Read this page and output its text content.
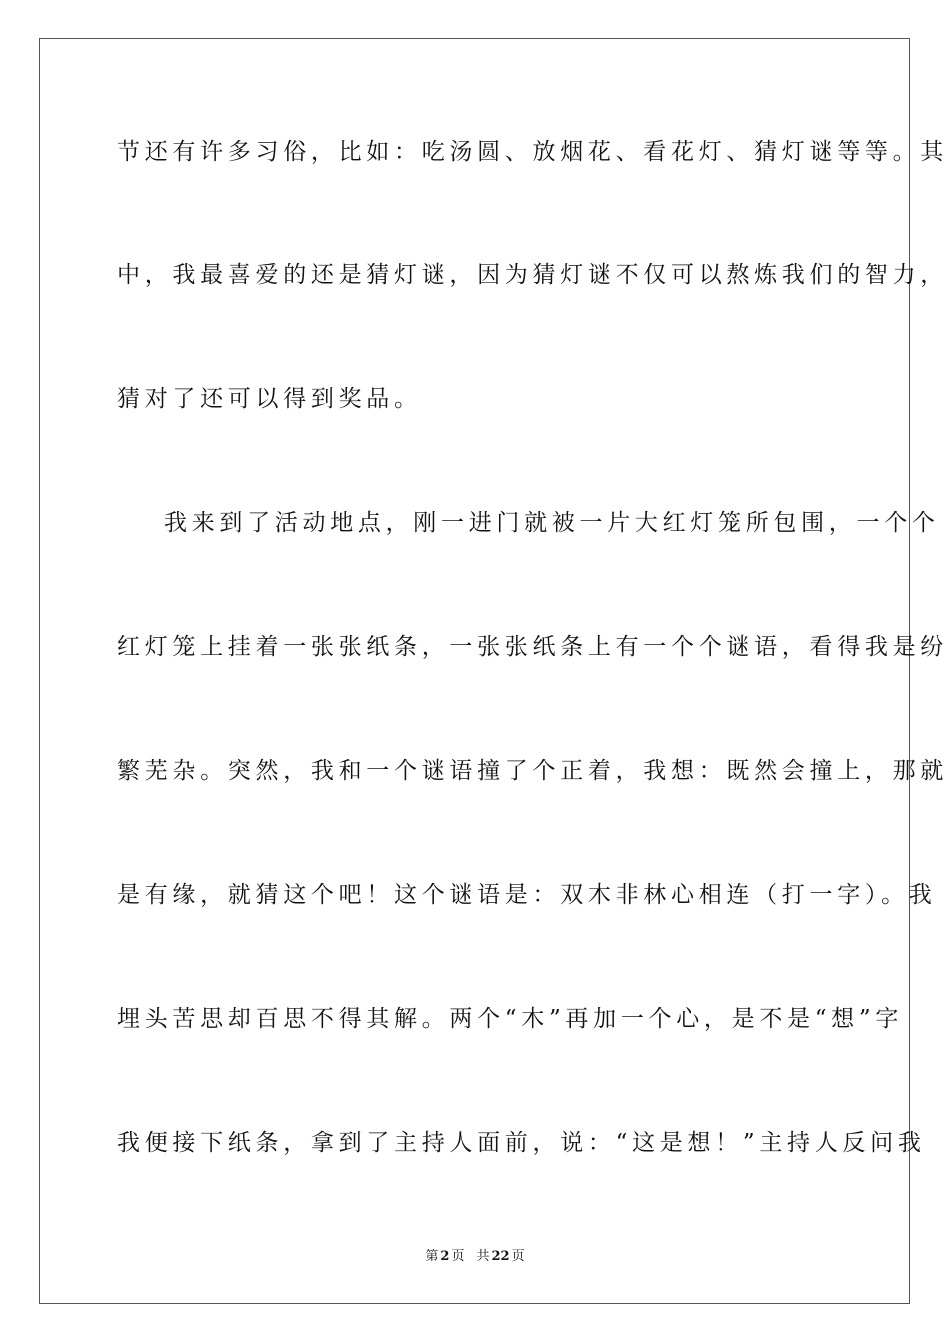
节还有许多习俗，比如：吃汤圆、放烟花、看花灯、猜灯谜等等。其
中，我最喜爱的还是猜灯谜，因为猜灯谜不仅可以熬炼我们的智力，
猜对了还可以得到奖品。
我来到了活动地点，刚一进门就被一片大红灯笼所包围，一个个
红灯笼上挂着一张张纸条，一张张纸条上有一个个谜语，看得我是纷
繁芜杂。突然，我和一个谜语撞了个正着，我想：既然会撞上，那就
是有缘，就猜这个吧！这个谜语是：双木非林心相连（打一字）。我
埋头苦思却百思不得其解。两个“木”再加一个心，是不是“想”字
我便接下纸条，拿到了主持人面前，说：“这是想！”主持人反问我
第 2 页 共 22 页
